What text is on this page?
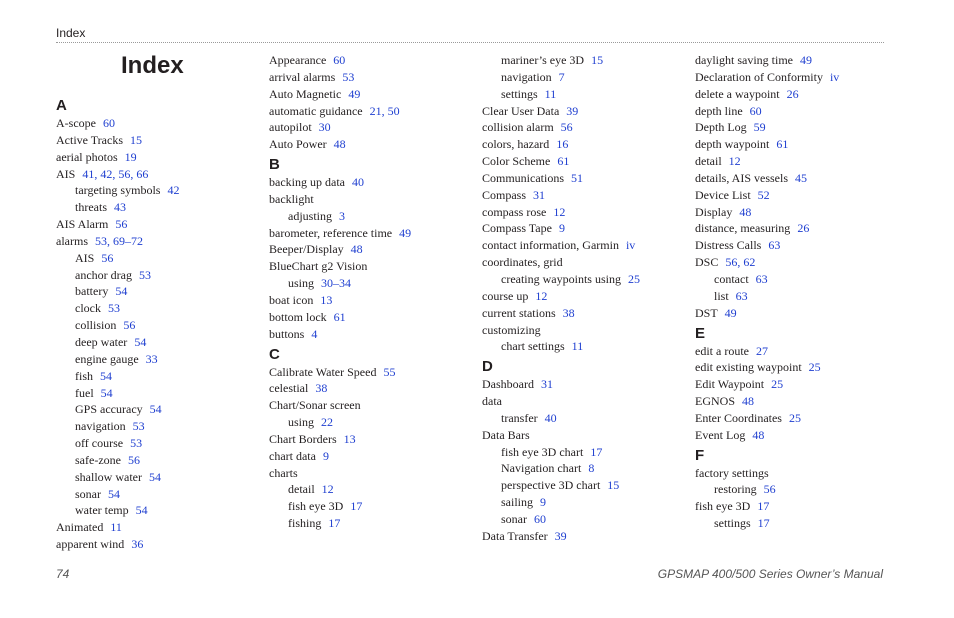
Index
Index
A
A-scope 60
Active Tracks 15
aerial photos 19
AIS 41, 42, 56, 66
targeting symbols 42
threats 43
AIS Alarm 56
alarms 53, 69–72
AIS 56
anchor drag 53
battery 54
clock 53
collision 56
deep water 54
engine gauge 33
fish 54
fuel 54
GPS accuracy 54
navigation 53
off course 53
safe-zone 56
shallow water 54
sonar 54
water temp 54
Animated 11
apparent wind 36
Appearance 60
arrival alarms 53
Auto Magnetic 49
automatic guidance 21, 50
autopilot 30
Auto Power 48
B
backing up data 40
backlight
adjusting 3
barometer, reference time 49
Beeper/Display 48
BlueChart g2 Vision
using 30–34
boat icon 13
bottom lock 61
buttons 4
C
Calibrate Water Speed 55
celestial 38
Chart/Sonar screen
using 22
Chart Borders 13
chart data 9
charts
detail 12
fish eye 3D 17
fishing 17
mariner’s eye 3D 15
navigation 7
settings 11
Clear User Data 39
collision alarm 56
colors, hazard 16
Color Scheme 61
Communications 51
Compass 31
compass rose 12
Compass Tape 9
contact information, Garmin iv
coordinates, grid
creating waypoints using 25
course up 12
current stations 38
customizing
chart settings 11
D
Dashboard 31
data
transfer 40
Data Bars
fish eye 3D chart 17
Navigation chart 8
perspective 3D chart 15
sailing 9
sonar 60
Data Transfer 39
daylight saving time 49
Declaration of Conformity iv
delete a waypoint 26
depth line 60
Depth Log 59
depth waypoint 61
detail 12
details, AIS vessels 45
Device List 52
Display 48
distance, measuring 26
Distress Calls 63
DSC 56, 62
contact 63
list 63
DST 49
E
edit a route 27
edit existing waypoint 25
Edit Waypoint 25
EGNOS 48
Enter Coordinates 25
Event Log 48
F
factory settings
restoring 56
fish eye 3D 17
settings 17
74	GPSMAP 400/500 Series Owner’s Manual
